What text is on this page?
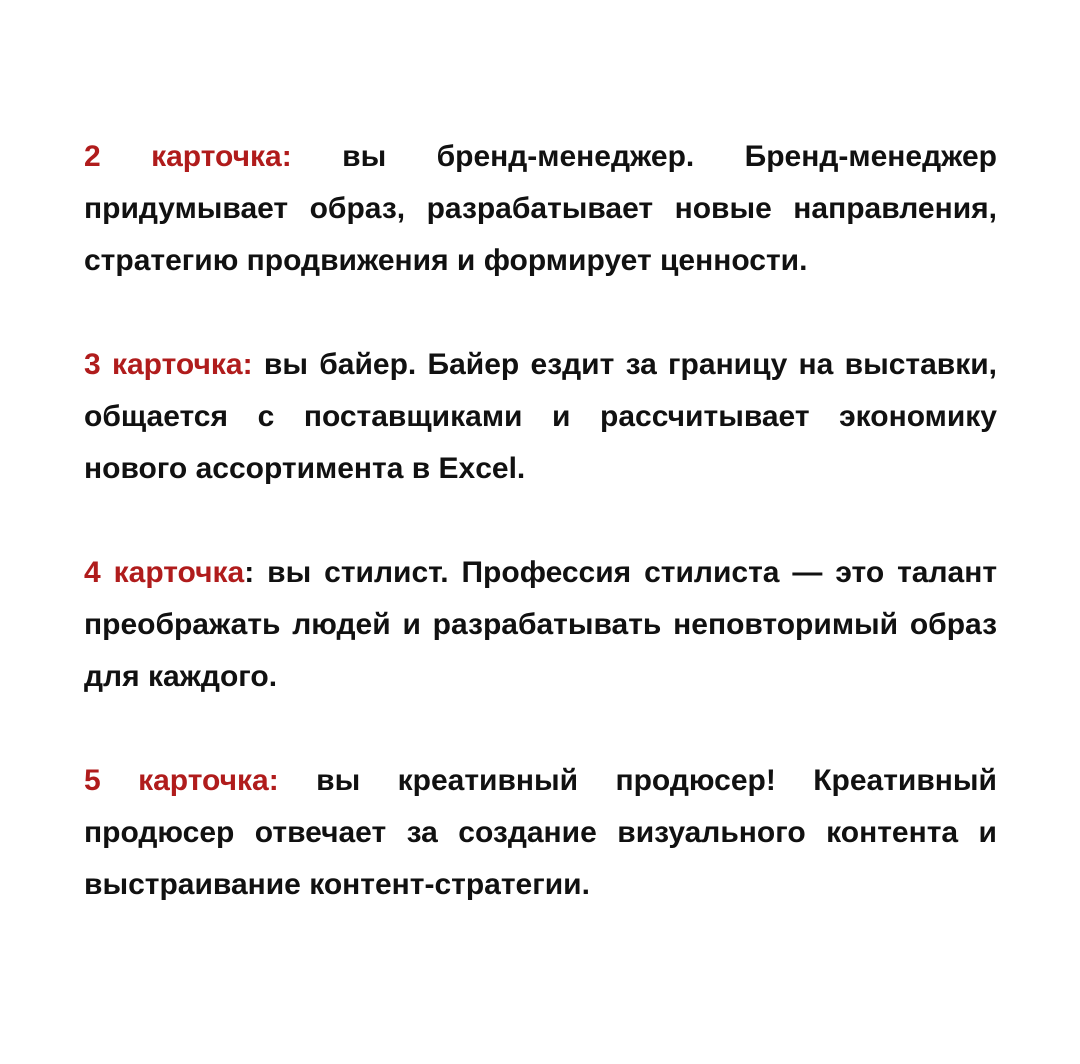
2 карточка: вы бренд-менеджер. Бренд-менеджер придумывает образ, разрабатывает новые направления, стратегию продвижения и формирует ценности.

3 карточка: вы байер. Байер ездит за границу на выставки, общается с поставщиками и рассчитывает экономику нового ассортимента в Excel.

4 карточка: вы стилист. Профессия стилиста — это талант преображать людей и разрабатывать неповторимый образ для каждого.

5 карточка: вы креативный продюсер! Креативный продюсер отвечает за создание визуального контента и выстраивание контент-стратегии.
